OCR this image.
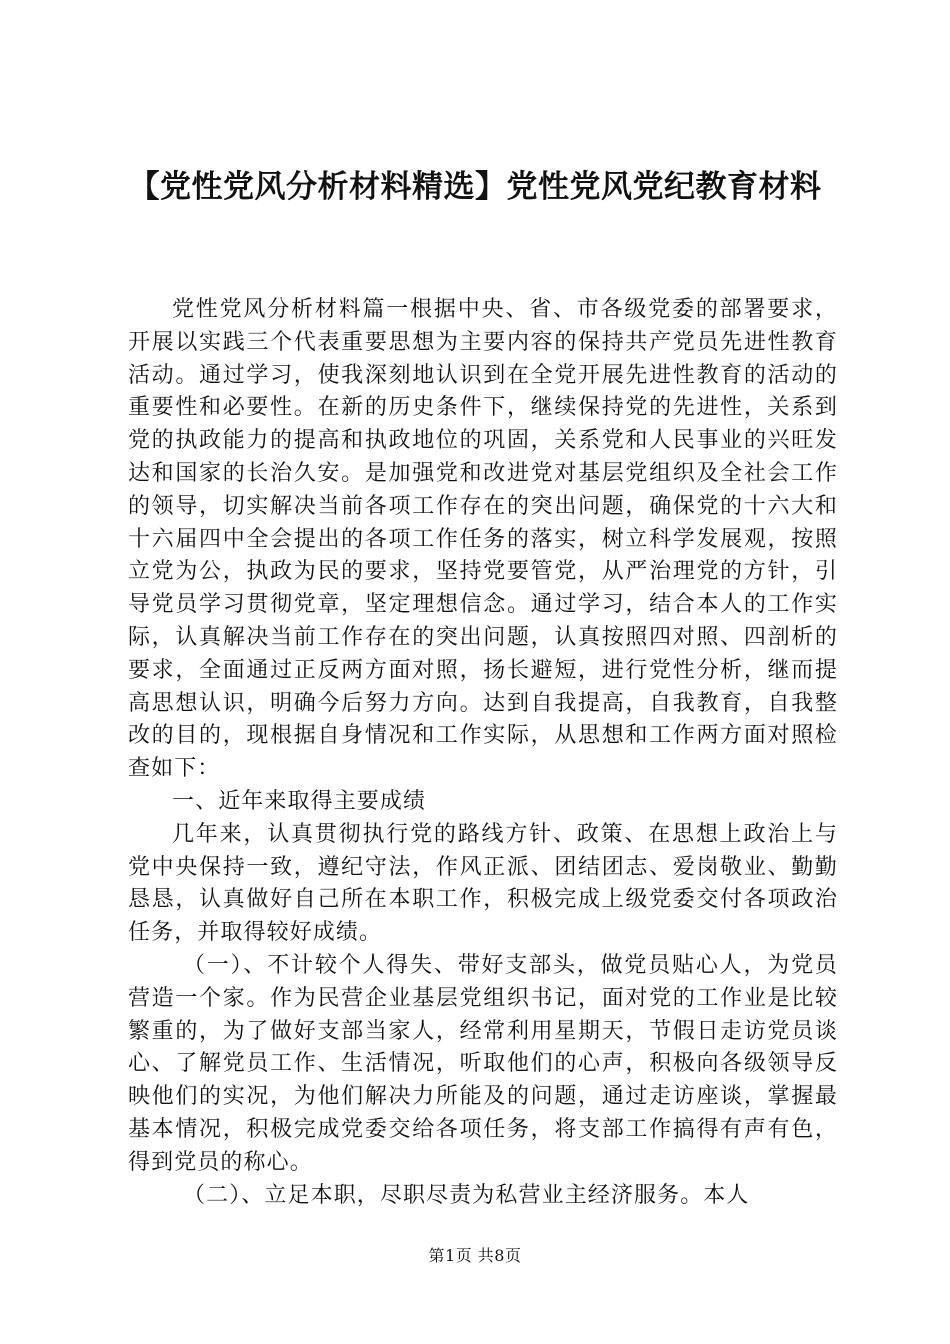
【党性党风分析材料精选】党性党风党纪教育材料

党性党风分析材料篇一根据中央、省、市各级党委的部署要求，开展以实践三个代表重要思想为主要内容的保持共产党员先进性教育活动。通过学习，使我深刻地认识到在全党开展先进性教育的活动的重要性和必要性。在新的历史条件下，继续保持党的先进性，关系到党的执政能力的提高和执政地位的巩固，关系党和人民事业的兴旺发达和国家的长治久安。是加强党和改进党对基层党组织及全社会工作的领导，切实解决当前各项工作存在的突出问题，确保党的十六大和十六届四中全会提出的各项工作任务的落实，树立科学发展观，按照立党为公，执政为民的要求，坚持党要管党，从严治理党的方针，引导党员学习贯彻党章，坚定理想信念。通过学习，结合本人的工作实际，认真解决当前工作存在的突出问题，认真按照四对照、四剖析的要求，全面通过正反两方面对照，扬长避短，进行党性分析，继而提高思想认识，明确今后努力方向。达到自我提高，自我教育，自我整改的目的，现根据自身情况和工作实际，从思想和工作两方面对照检查如下：

一、近年来取得主要成绩

几年来，认真贯彻执行党的路线方针、政策、在思想上政治上与党中央保持一致，遵纪守法，作风正派、团结团志、爱岗敬业、勤勤恳恳，认真做好自己所在本职工作，积极完成上级党委交付各项政治任务，并取得较好成绩。

（一）、不计较个人得失、带好支部头，做党员贴心人，为党员营造一个家。作为民营企业基层党组织书记，面对党的工作业是比较繁重的，为了做好支部当家人，经常利用星期天，节假日走访党员谈心、了解党员工作、生活情况，听取他们的心声，积极向各级领导反映他们的实况，为他们解决力所能及的问题，通过走访座谈，掌握最基本情况，积极完成党委交给各项任务，将支部工作搞得有声有色，得到党员的称心。

（二）、立足本职，尽职尽责为私营业主经济服务。本人

第1页 共8页
